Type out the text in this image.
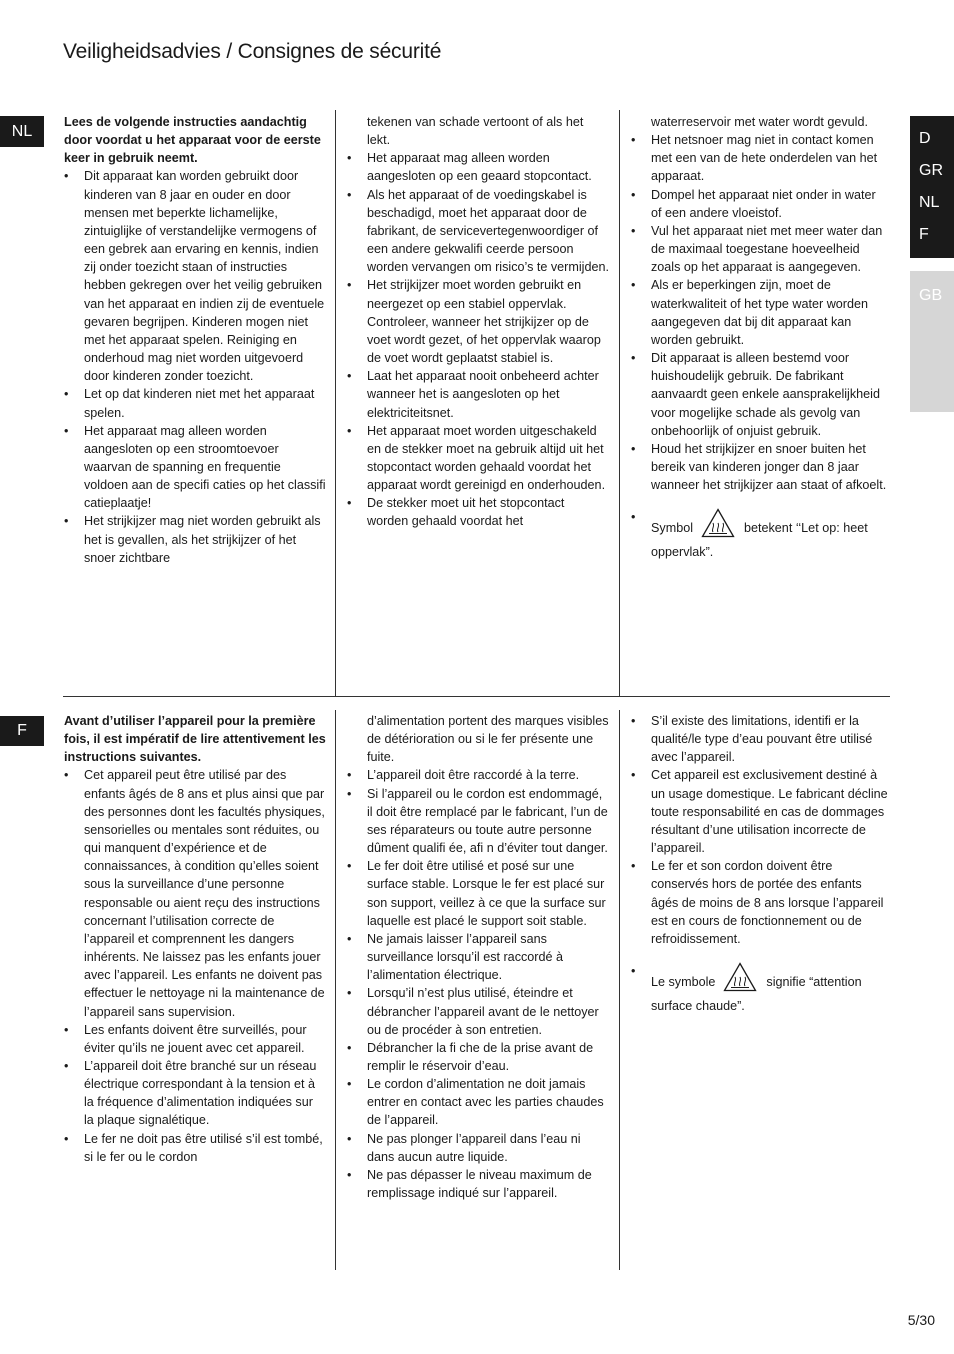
Veiligheidsadvies / Consignes de sécurité
NL
F
D
GR
NL
F
GB

Lees de volgende instructies aandachtig door voordat u het apparaat voor de eerste keer in gebruik neemt.

• Dit apparaat kan worden gebruikt door kinderen van 8 jaar en ouder en door mensen met beperkte lichamelijke, zintuiglijke of verstandelijke vermogens of een gebrek aan ervaring en kennis, indien zij onder toezicht staan of instructies hebben gekregen over het veilig gebruiken van het apparaat en indien zij de eventuele gevaren begrijpen. Kinderen mogen niet met het apparaat spelen. Reiniging en onderhoud mag niet worden uitgevoerd door kinderen zonder toezicht.
• Let op dat kinderen niet met het apparaat spelen.
• Het apparaat mag alleen worden aangesloten op een stroomtoevoer waarvan de spanning en frequentie voldoen aan de specifi caties op het classifi catieplaatje!
• Het strijkijzer mag niet worden gebruikt als het is gevallen, als het strijkijzer of het snoer zichtbare
tekenen van schade vertoont of als het lekt.
• Het apparaat mag alleen worden aangesloten op een geaard stopcontact.
• Als het apparaat of de voedingskabel is beschadigd, moet het apparaat door de fabrikant, de servicevertegenwoordiger of een andere gekwalifi ceerde persoon worden vervangen om risico’s te vermijden.
• Het strijkijzer moet worden gebruikt en neergezet op een stabiel oppervlak. Controleer, wanneer het strijkijzer op de voet wordt gezet, of het oppervlak waarop de voet wordt geplaatst stabiel is.
• Laat het apparaat nooit onbeheerd achter wanneer het is aangesloten op het elektriciteitsnet.
• Het apparaat moet worden uitgeschakeld en de stekker moet na gebruik altijd uit het stopcontact worden gehaald voordat het apparaat wordt gereinigd en onderhouden.
• De stekker moet uit het stopcontact worden gehaald voordat het
waterreservoir met water wordt gevuld.
• Het netsnoer mag niet in contact komen met een van de hete onderdelen van het apparaat.
• Dompel het apparaat niet onder in water of een andere vloeistof.
• Vul het apparaat niet met meer water dan de maximaal toegestane hoeveelheid zoals op het apparaat is aangegeven.
• Als er beperkingen zijn, moet de waterkwaliteit of het type water worden aangegeven dat bij dit apparaat kan worden gebruikt.
• Dit apparaat is alleen bestemd voor huishoudelijk gebruik. De fabrikant aanvaardt geen enkele aansprakelijkheid voor mogelijke schade als gevolg van onbehoorlijk of onjuist gebruik.
• Houd het strijkijzer en snoer buiten het bereik van kinderen jonger dan 8 jaar wanneer het strijkijzer aan staat of afkoelt.
• Symbol	betekent ‘‘Let op: heet oppervlak”.

Avant d’utiliser l’appareil pour la première fois, il est impératif de lire attentivement les instructions suivantes.

• Cet appareil peut être utilisé par des enfants âgés de 8 ans et plus ainsi que par des personnes dont les facultés physiques, sensorielles ou mentales sont réduites, ou qui manquent d’expérience et de connaissances, à condition qu’elles soient sous la surveillance d’une personne responsable ou aient reçu des instructions concernant l’utilisation correcte de l’appareil et comprennent les dangers inhérents. Ne laissez pas les enfants jouer avec l’appareil. Les enfants ne doivent pas effectuer le nettoyage ni la maintenance de l’appareil sans supervision.
• Les enfants doivent être surveillés, pour éviter qu’ils ne jouent avec cet appareil.
• L’appareil doit être branché sur un réseau électrique correspondant à la tension et à la fréquence d’alimentation indiquées sur la plaque signalétique.
• Le fer ne doit pas être utilisé s’il est tombé, si le fer ou le cordon
d’alimentation portent des marques visibles de détérioration ou si le fer présente une fuite.
• L’appareil doit être raccordé à la terre.
• Si l’appareil ou le cordon est endommagé, il doit être remplacé par le fabricant, l’un de ses réparateurs ou toute autre personne dûment qualifi ée, afi n d’éviter tout danger.
• Le fer doit être utilisé et posé sur une surface stable. Lorsque le fer est placé sur son support, veillez à ce que la surface sur laquelle est placé le support soit stable.
• Ne jamais laisser l’appareil sans surveillance lorsqu’il est raccordé à l’alimentation électrique.
• Lorsqu’il n’est plus utilisé, éteindre et débrancher l’appareil avant de le nettoyer ou de procéder à son entretien.
• Débrancher la fi che de la prise avant de remplir le réservoir d’eau.
• Le cordon d’alimentation ne doit jamais entrer en contact avec les parties chaudes de l’appareil.
• Ne pas plonger l’appareil dans l’eau ni dans aucun autre liquide.
• Ne pas dépasser le niveau maximum de remplissage indiqué sur l’appareil.
• S’il existe des limitations, identifi er la qualité/le type d’eau pouvant être utilisé avec l’appareil.
• Cet appareil est exclusivement destiné à un usage domestique. Le fabricant décline toute responsabilité en cas de dommages résultant d’une utilisation incorrecte de l’appareil.
• Le fer et son cordon doivent être conservés hors de portée des enfants âgés de moins de 8 ans lorsque l’appareil est en cours de fonctionnement ou de refroidissement.
• Le symbole	signifie “attention surface chaude”.
5/30
